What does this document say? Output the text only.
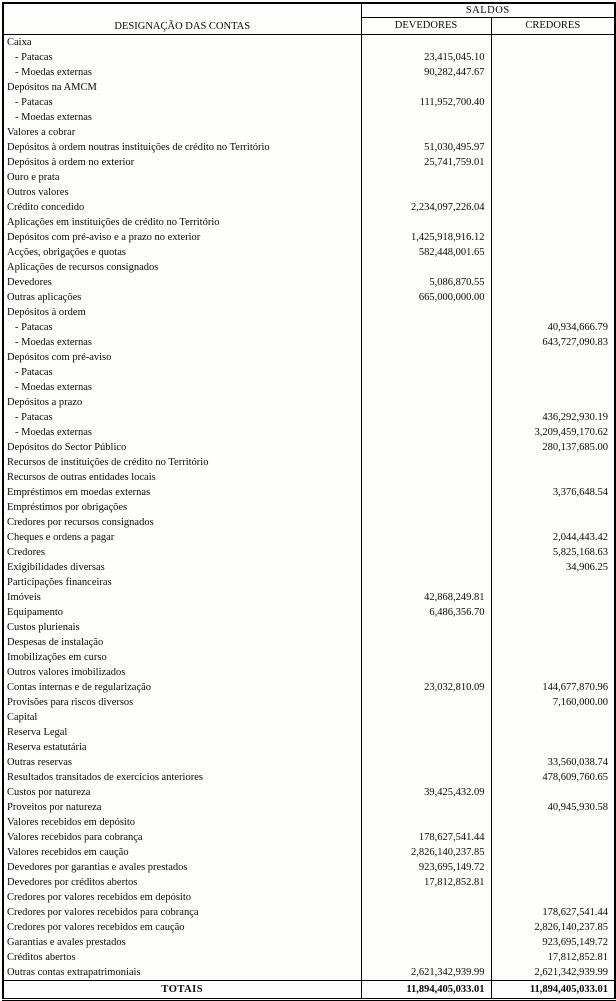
DESIGNAÇÃO DAS CONTAS	SALDOS	
	DEVEDORES	CREDORES
Caixa		
- Patacas	23,415,045.10	
- Moedas externas	90,282,447.67	
Depósitos na AMCM		
- Patacas	111,952,700.40	
- Moedas externas		
Valores a cobrar		
Depósitos à ordem noutras instituições de crédito no Território	51,030,495.97	
Depósitos à ordem no exterior	25,741,759.01	
Ouro e prata		
Outros valores		
Crédito concedido	2,234,097,226.04	
Aplicações em instituições de crédito no Território		
Depósitos com pré-aviso e a prazo no exterior	1,425,918,916.12	
Acções, obrigações e quotas	582,448,001.65	
Aplicações de recursos consignados		
Devedores	5,086,870.55	
Outras aplicações	665,000,000.00	
Depósitos à ordem		
- Patacas		40,934,666.79
- Moedas externas		643,727,090.83
Depósitos com pré-aviso		
- Patacas		
- Moedas externas		
Depósitos a prazo		
- Patacas		436,292,930.19
- Moedas externas		3,209,459,170.62
Depósitos do Sector Público		280,137,685.00
Recursos de instituições de crédito no Território		
Recursos de outras entidades locais		
Empréstimos em moedas externas		3,376,648.54
Empréstimos por obrigações		
Credores por recursos consignados		
Cheques e ordens a pagar		2,044,443.42
Credores		5,825,168.63
Exigibilidades diversas		34,906.25
Participações financeiras		
Imóveis	42,868,249.81	
Equipamento	6,486,356.70	
Custos plurienais		
Despesas de instalação		
Imobilizações em curso		
Outros valores imobilizados		
Contas internas e de regularização	23,032,810.09	144,677,870.96
Provisões para riscos diversos		7,160,000.00
Capital		
Reserva Legal		
Reserva estatutária		
Outras reservas		33,560,038.74
Resultados transitados de exercícios anteriores		478,609,760.65
Custos por natureza	39,425,432.09	
Proveitos por natureza		40,945,930.58
Valores recebidos em depósito		
Valores recebidos para cobrança	178,627,541.44	
Valores recebidos em caução	2,826,140,237.85	
Devedores por garantias e avales prestados	923,695,149.72	
Devedores por créditos abertos	17,812,852.81	
Credores por valores recebidos em depósito		
Credores por valores recebidos para cobrança		178,627,541.44
Credores por valores recebidos em caução		2,826,140,237.85
Garantias e avales prestados		923,695,149.72
Créditos abertos		17,812,852.81
Outras contas extrapatrimoniais	2,621,342,939.99	2,621,342,939.99
TOTAIS	11,894,405,033.01	11,894,405,033.01
